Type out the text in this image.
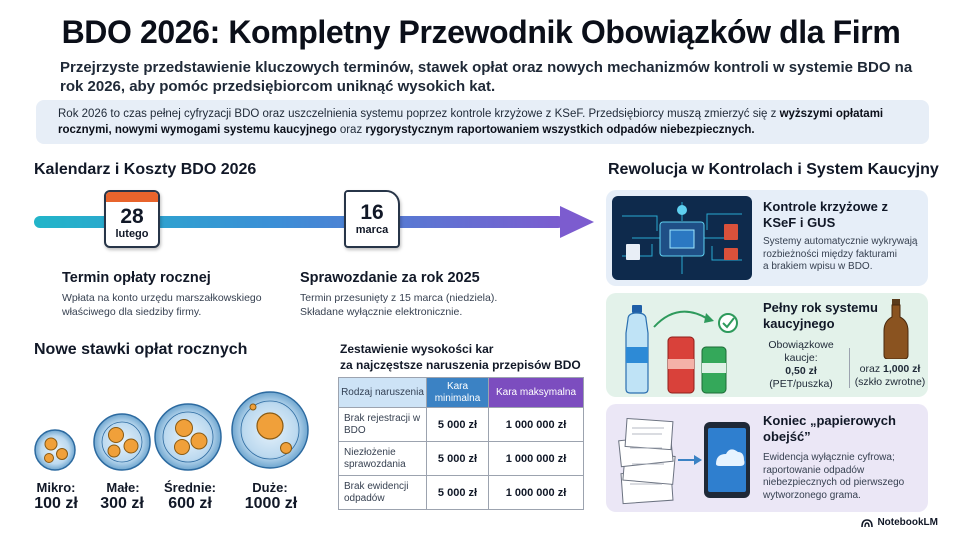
BDO 2026: Kompletny Przewodnik Obowiązków dla Firm
Przejrzyste przedstawienie kluczowych terminów, stawek opłat oraz nowych mechanizmów kontroli w systemie BDO na rok 2026, aby pomóc przedsiębiorcom uniknąć wysokich kat.
Rok 2026 to czas pełnej cyfryzacji BDO oraz uszczelnienia systemu poprzez kontrole krzyżowe z KSeF. Przedsiębiorcy muszą zmierzyć się z wyższymi opłatami rocznymi, nowymi wymogami systemu kaucyjnego oraz rygorystycznym raportowaniem wszystkich odpadów niebezpiecznych.
Kalendarz i Koszty BDO 2026
28
lutego
16
marca
Termin opłaty rocznej
Wpłata na konto urzędu marszałkowskiego
właściwego dla siedziby firmy.
Sprawozdanie za rok 2025
Termin przesunięty z 15 marca (niedziela).
Składane wyłącznie elektronicznie.
Nowe stawki opłat rocznych
Mikro:
100 zł
Małe:
300 zł
Średnie:
600 zł
Duże:
1000 zł
Zestawienie wysokości kar
za najczęstsze naruszenia przepisów BDO
Rodzaj naruszenia	Kara minimalna	Kara maksymalna
Brak rejestracji w BDO	5 000 zł	1 000 000 zł
Niezłożenie sprawozdania	5 000 zł	1 000 000 zł
Brak ewidencji odpadów	5 000 zł	1 000 000 zł
Rewolucja w Kontrolach i System Kaucyjny
Kontrole krzyżowe z
KSeF i GUS
Systemy automatycznie wykrywają
rozbieżności między fakturami
a brakiem wpisu w BDO.
Pełny rok systemu
kaucyjnego
Obowiązkowe
kaucje:
0,50 zł
(PET/puszka)
oraz 1,000 zł
(szkło zwrotne)
Koniec „papierowych
obejść”
Ewidencja wyłącznie cyfrowa;
raportowanie odpadów
niebezpiecznych od pierwszego
wytworzonego grama.
NotebookLM
